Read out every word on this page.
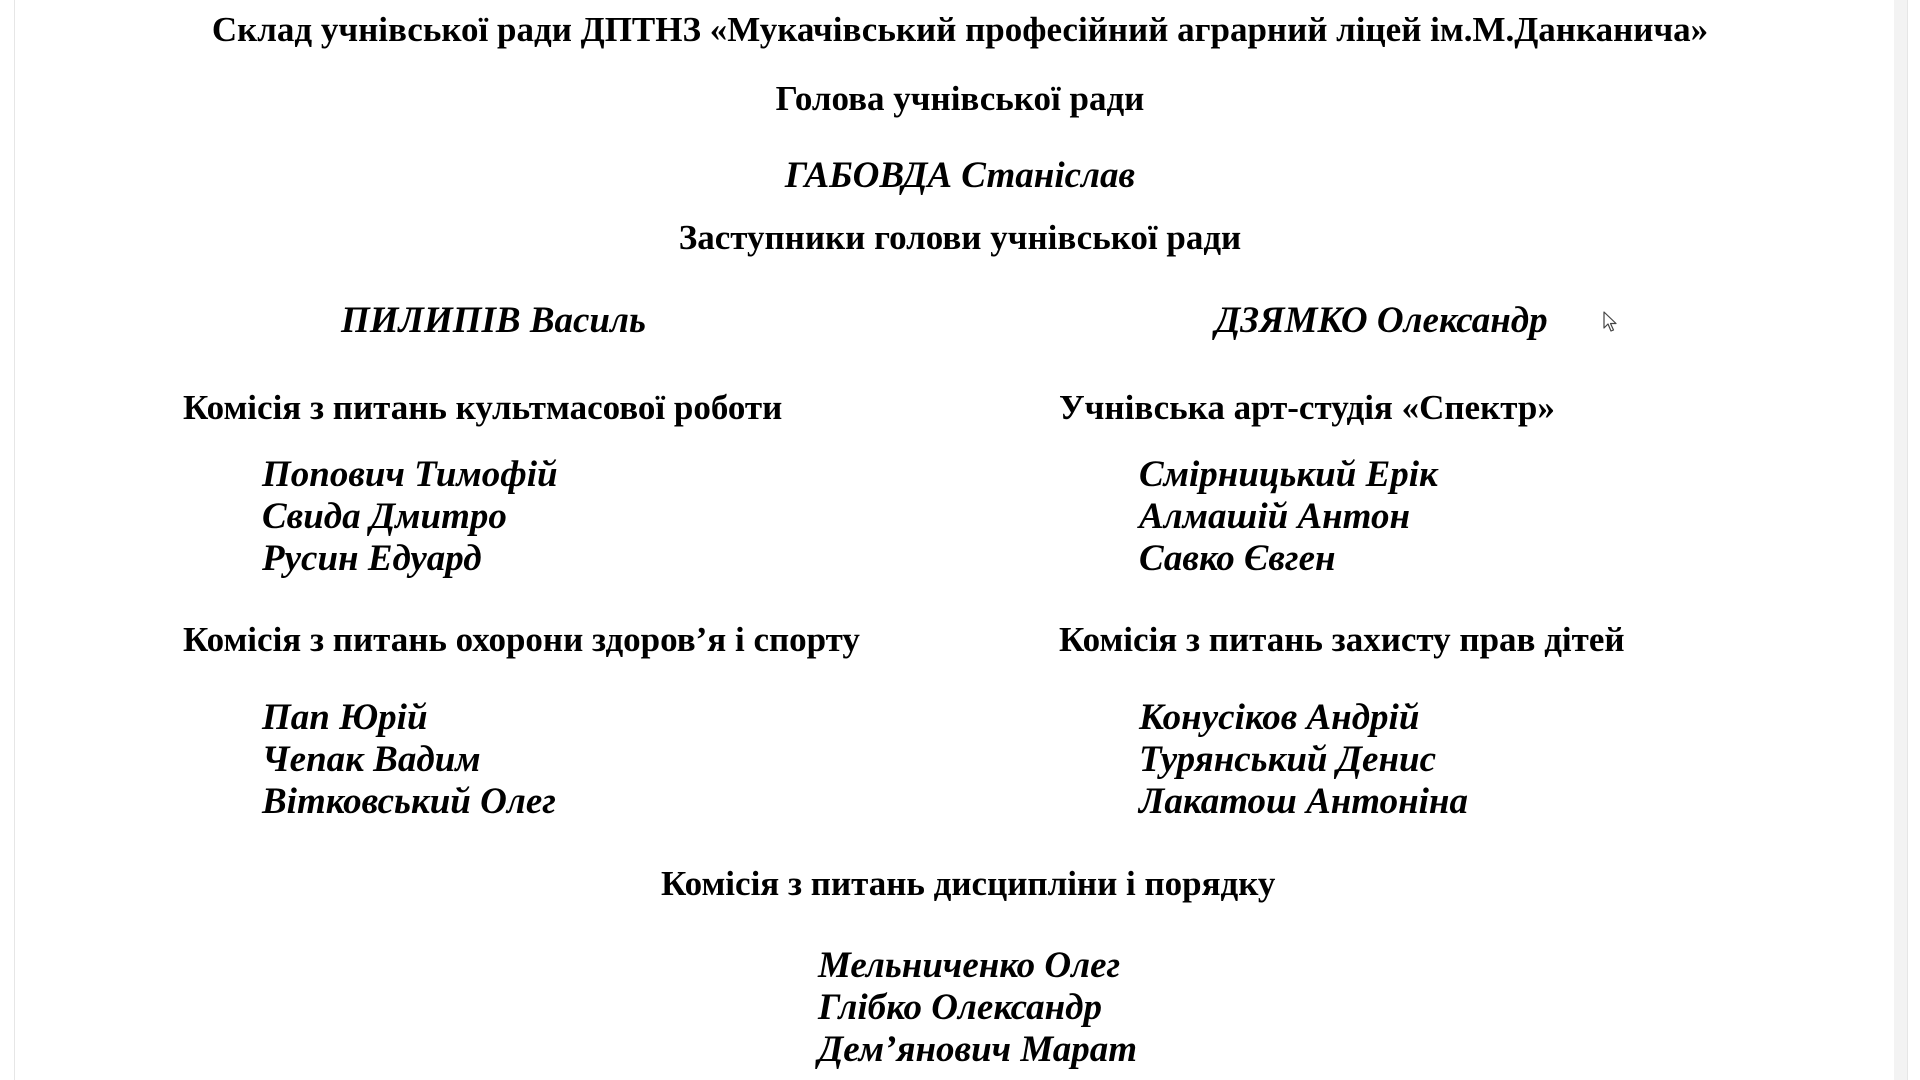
Склад учнівської ради ДПТНЗ «Мукачівський професійний аграрний ліцей ім.М.Данканича»
Голова учнівської ради

ГАБОВДА Станіслав

Заступники голови учнівської ради

ПИЛИПІВ Василь	ДЗЯМКО Олександр

Комісія з питань культмасової роботи
Попович Тимофій
Свида Дмитро
Русин Едуард
Учнівська арт-студія «Спектр»
Смірницький Ерік
Алмашій Антон
Савко Євген
Комісія з питань охорони здоров’я і спорту
Пап Юрій
Чепак Вадим
Вітковський Олег
Комісія з питань захисту прав дітей
Конусіков Андрій
Турянський Денис
Лакатош Антоніна
Комісія з питань дисципліни і порядку
Мельниченко Олег
Глібко Олександр
Дем’янович Марат
